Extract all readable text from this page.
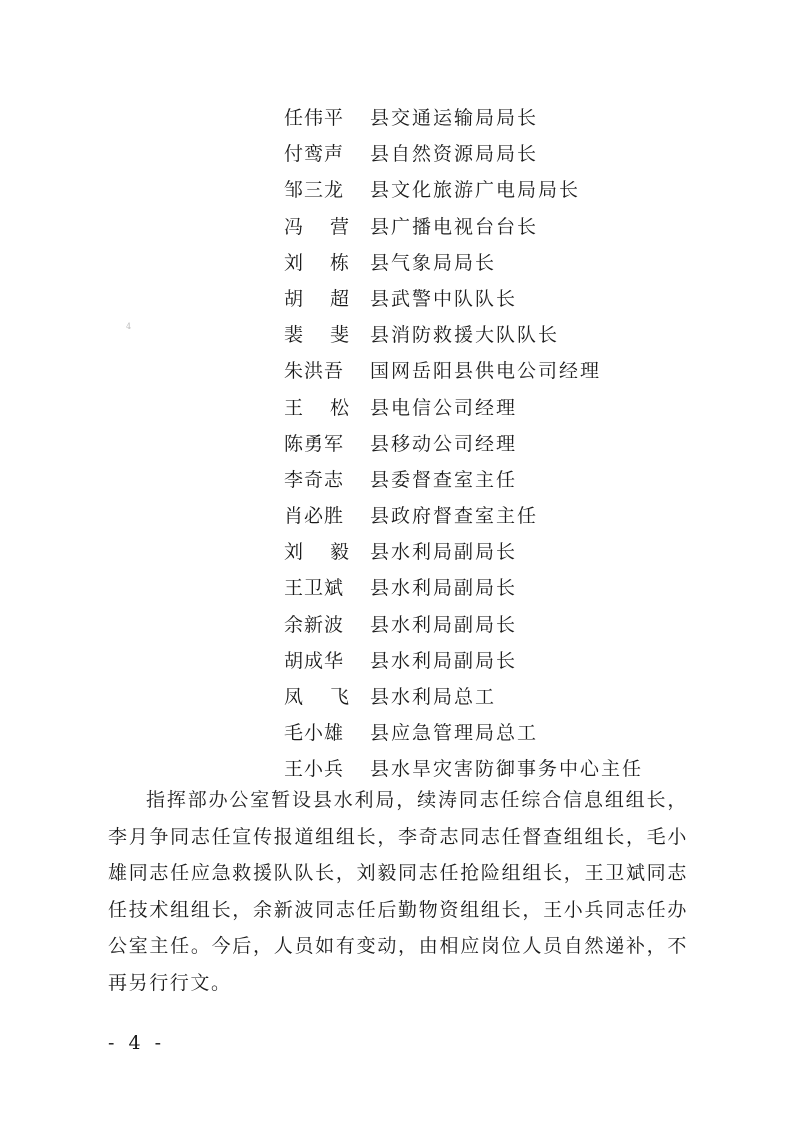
任伟平	县交通运输局局长
付鸾声	县自然资源局局长
邹三龙	县文化旅游广电局局长
冯 营 县广播电视台台长
刘 栋 县气象局局长
胡 超 县武警中队队长
裴 斐 县消防救援大队队长
朱洪吾	国网岳阳县供电公司经理
王 松 县电信公司经理
陈勇军	县移动公司经理
李奇志	县委督查室主任
肖必胜	县政府督查室主任
刘 毅 县水利局副局长
王卫斌	县水利局副局长
余新波	县水利局副局长
胡成华	县水利局副局长
凤 飞 县水利局总工
毛小雄	县应急管理局总工
王小兵	县水旱灾害防御事务中心主任
指挥部办公室暂设县水利局，续涛同志任综合信息组组长，李月争同志任宣传报道组组长，李奇志同志任督查组组长，毛小雄同志任应急救援队队长，刘毅同志任抢险组组长，王卫斌同志任技术组组长，余新波同志任后勤物资组组长，王小兵同志任办公室主任。今后，人员如有变动，由相应岗位人员自然递补，不再另行行文。
- 4 -
4
